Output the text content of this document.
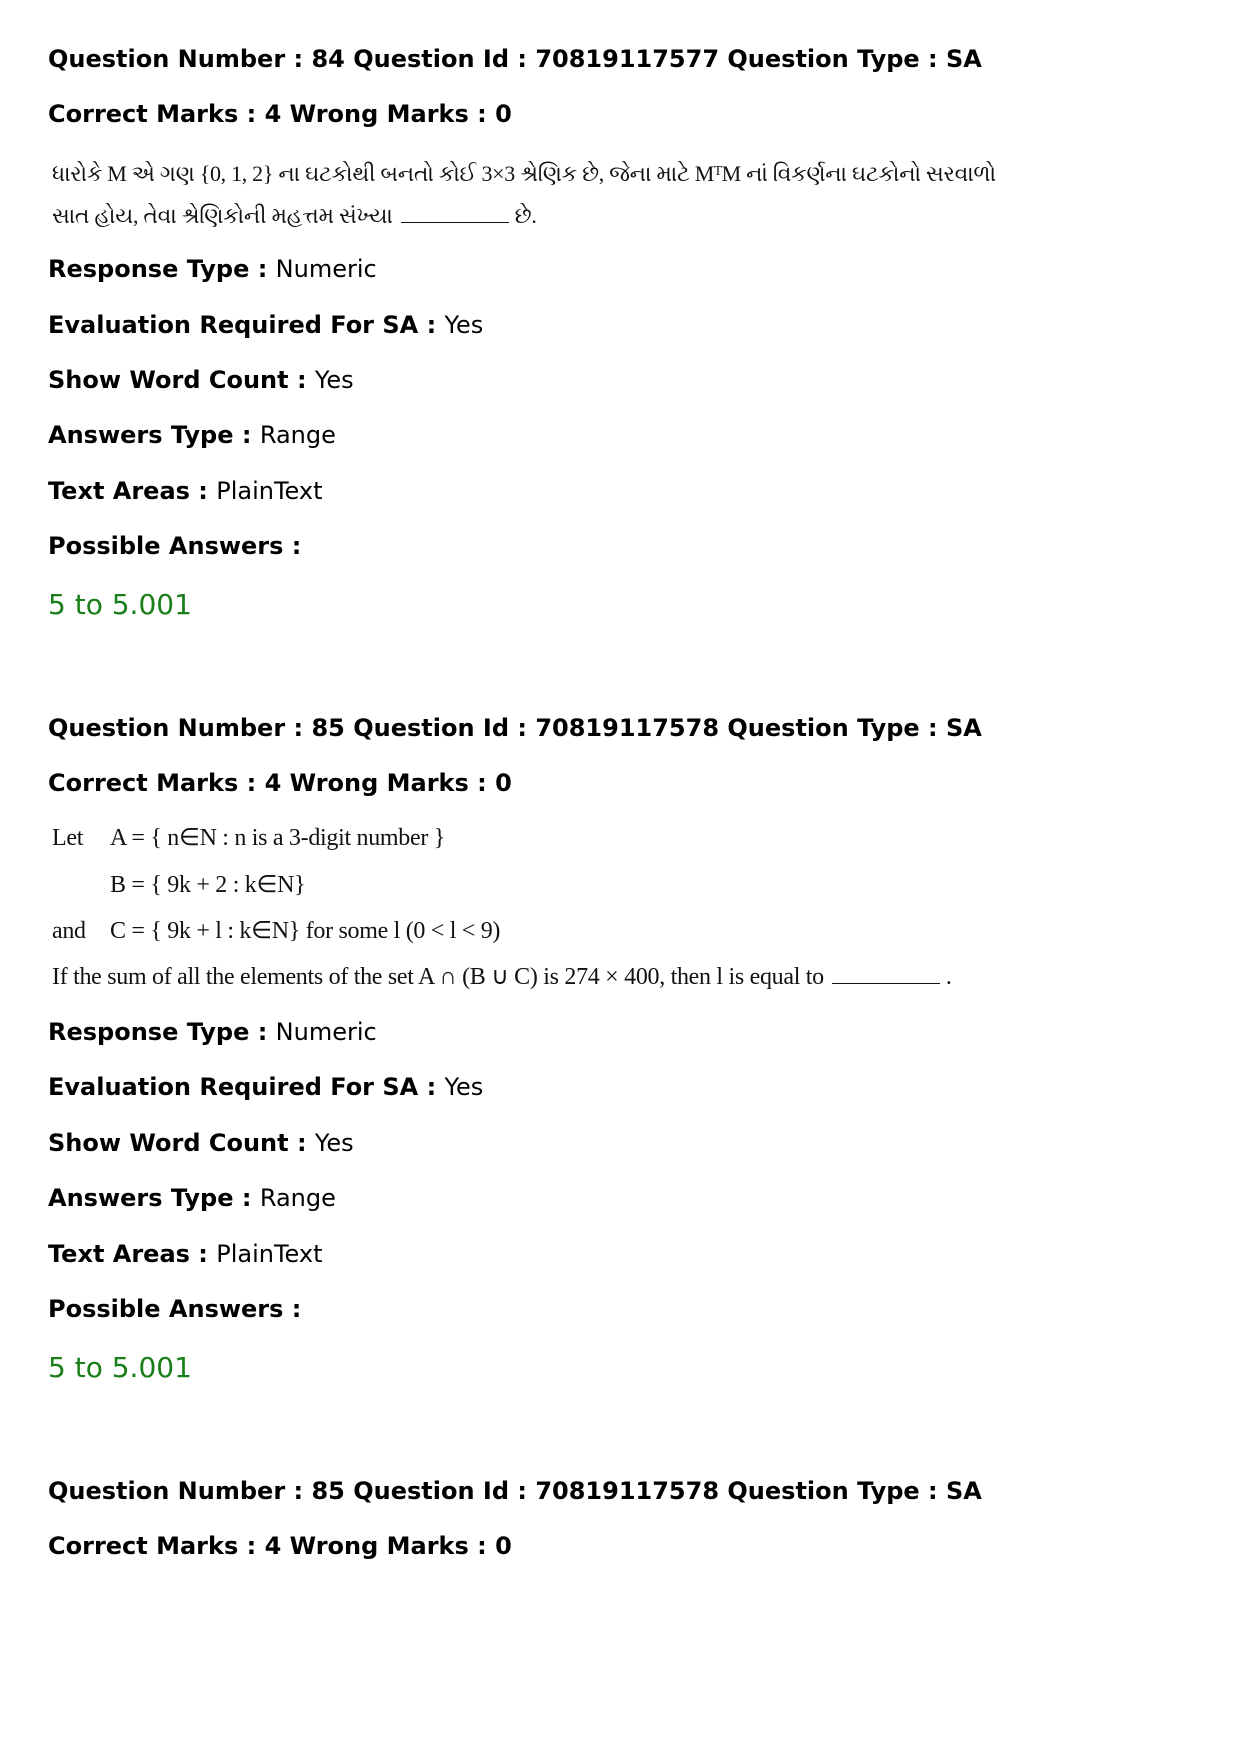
Question Number : 84 Question Id : 70819117577 Question Type : SA
Correct Marks : 4 Wrong Marks : 0
ધારોકે M એ ગણ {0, 1, 2} ના ઘટકોથી બનતો કોઈ 3×3 શ્રેણિક છે, જેના માટે MᵀM નાં વિકર્ણના ઘટકોનો સરવાળો
સાત હોય, તેવા શ્રેણિકોની મહત્તમ સંખ્યા	છે.
Response Type : Numeric
Evaluation Required For SA : Yes
Show Word Count : Yes
Answers Type : Range
Text Areas : PlainText
Possible Answers :
5 to 5.001
Question Number : 85 Question Id : 70819117578 Question Type : SA
Correct Marks : 4 Wrong Marks : 0
Let A = { n∈N : n is a 3-digit number }
B = { 9k + 2 : k∈N}
and C = { 9k + l : k∈N} for some l (0 < l < 9)
If the sum of all the elements of the set A ∩ (B ∪ C) is 274 × 400, then l is equal to	.
Response Type : Numeric
Evaluation Required For SA : Yes
Show Word Count : Yes
Answers Type : Range
Text Areas : PlainText
Possible Answers :
5 to 5.001
Question Number : 85 Question Id : 70819117578 Question Type : SA
Correct Marks : 4 Wrong Marks : 0
